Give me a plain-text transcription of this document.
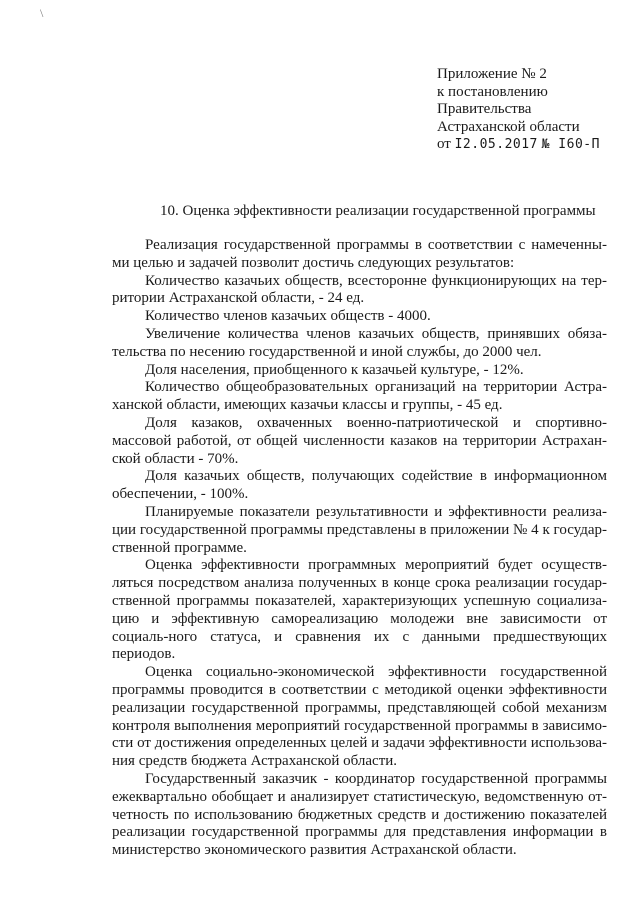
\
Приложение № 2
к постановлению
Правительства
Астраханской области
от I2.05.2017 № I60-П
10. Оценка эффективности реализации государственной программы

Реализация государственной программы в соответствии с намеченны-ми целью и задачей позволит достичь следующих результатов:

Количество казачьих обществ, всесторонне функционирующих на тер-ритории Астраханской области, - 24 ед.

Количество членов казачьих обществ - 4000.

Увеличение количества членов казачьих обществ, принявших обяза-тельства по несению государственной и иной службы, до 2000 чел.

Доля населения, приобщенного к казачьей культуре, - 12%.

Количество общеобразовательных организаций на территории Астра-ханской области, имеющих казачьи классы и группы, - 45 ед.

Доля казаков, охваченных военно-патриотической и спортивно-массовой работой, от общей численности казаков на территории Астрахан-ской области - 70%.

Доля казачьих обществ, получающих содействие в информационном обеспечении, - 100%.

Планируемые показатели результативности и эффективности реализа-ции государственной программы представлены в приложении № 4 к государ-ственной программе.

Оценка эффективности программных мероприятий будет осуществ-ляться посредством анализа полученных в конце срока реализации государ-ственной программы показателей, характеризующих успешную социализа-цию и эффективную самореализацию молодежи вне зависимости от социаль-ного статуса, и сравнения их с данными предшествующих периодов.

Оценка социально-экономической эффективности государственной программы проводится в соответствии с методикой оценки эффективности реализации государственной программы, представляющей собой механизм контроля выполнения мероприятий государственной программы в зависимо-сти от достижения определенных целей и задачи эффективности использова-ния средств бюджета Астраханской области.

Государственный заказчик - координатор государственной программы ежеквартально обобщает и анализирует статистическую, ведомственную от-четность по использованию бюджетных средств и достижению показателей реализации государственной программы для представления информации в министерство экономического развития Астраханской области.
